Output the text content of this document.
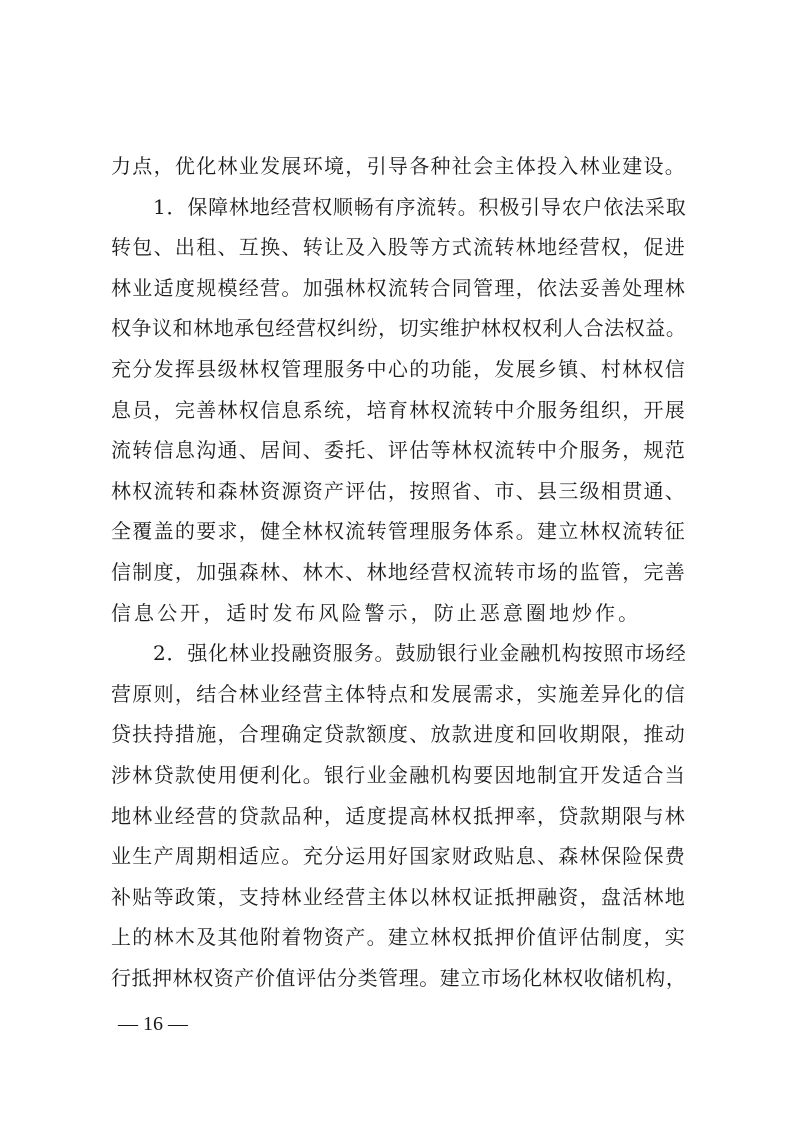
力点，优化林业发展环境，引导各种社会主体投入林业建设。
1．保障林地经营权顺畅有序流转。积极引导农户依法采取
转包、出租、互换、转让及入股等方式流转林地经营权，促进
林业适度规模经营。加强林权流转合同管理，依法妥善处理林
权争议和林地承包经营权纠纷，切实维护林权权利人合法权益。
充分发挥县级林权管理服务中心的功能，发展乡镇、村林权信
息员，完善林权信息系统，培育林权流转中介服务组织，开展
流转信息沟通、居间、委托、评估等林权流转中介服务，规范
林权流转和森林资源资产评估，按照省、市、县三级相贯通、
全覆盖的要求，健全林权流转管理服务体系。建立林权流转征
信制度，加强森林、林木、林地经营权流转市场的监管，完善
信息公开，适时发布风险警示，防止恶意圈地炒作。
2．强化林业投融资服务。鼓励银行业金融机构按照市场经
营原则，结合林业经营主体特点和发展需求，实施差异化的信
贷扶持措施，合理确定贷款额度、放款进度和回收期限，推动
涉林贷款使用便利化。银行业金融机构要因地制宜开发适合当
地林业经营的贷款品种，适度提高林权抵押率，贷款期限与林
业生产周期相适应。充分运用好国家财政贴息、森林保险保费
补贴等政策，支持林业经营主体以林权证抵押融资，盘活林地
上的林木及其他附着物资产。建立林权抵押价值评估制度，实
行抵押林权资产价值评估分类管理。建立市场化林权收储机构，
— 16 —
